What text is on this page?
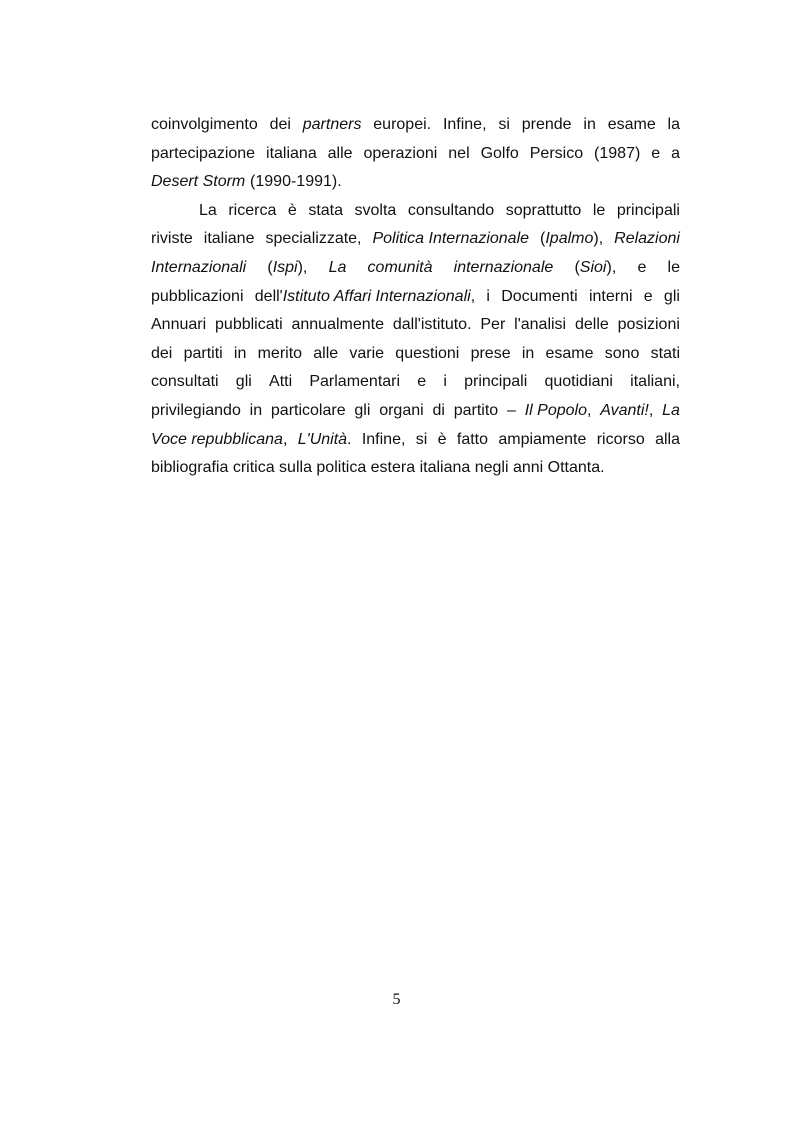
coinvolgimento dei partners europei. Infine, si prende in esame la
partecipazione italiana alle operazioni nel Golfo Persico (1987) e a
Desert Storm (1990-1991).
La ricerca è stata svolta consultando soprattutto le principali
riviste italiane specializzate, Politica Internazionale (Ipalmo), Relazioni
Internazionali (Ispi), La comunità internazionale (Sioi), e le
pubblicazioni dell'Istituto Affari Internazionali, i Documenti interni e gli
Annuari pubblicati annualmente dall'istituto. Per l'analisi delle posizioni
dei partiti in merito alle varie questioni prese in esame sono stati
consultati gli Atti Parlamentari e i principali quotidiani italiani,
privilegiando in particolare gli organi di partito – Il Popolo, Avanti!, La
Voce repubblicana, L'Unità. Infine, si è fatto ampiamente ricorso alla
bibliografia critica sulla politica estera italiana negli anni Ottanta.
5
